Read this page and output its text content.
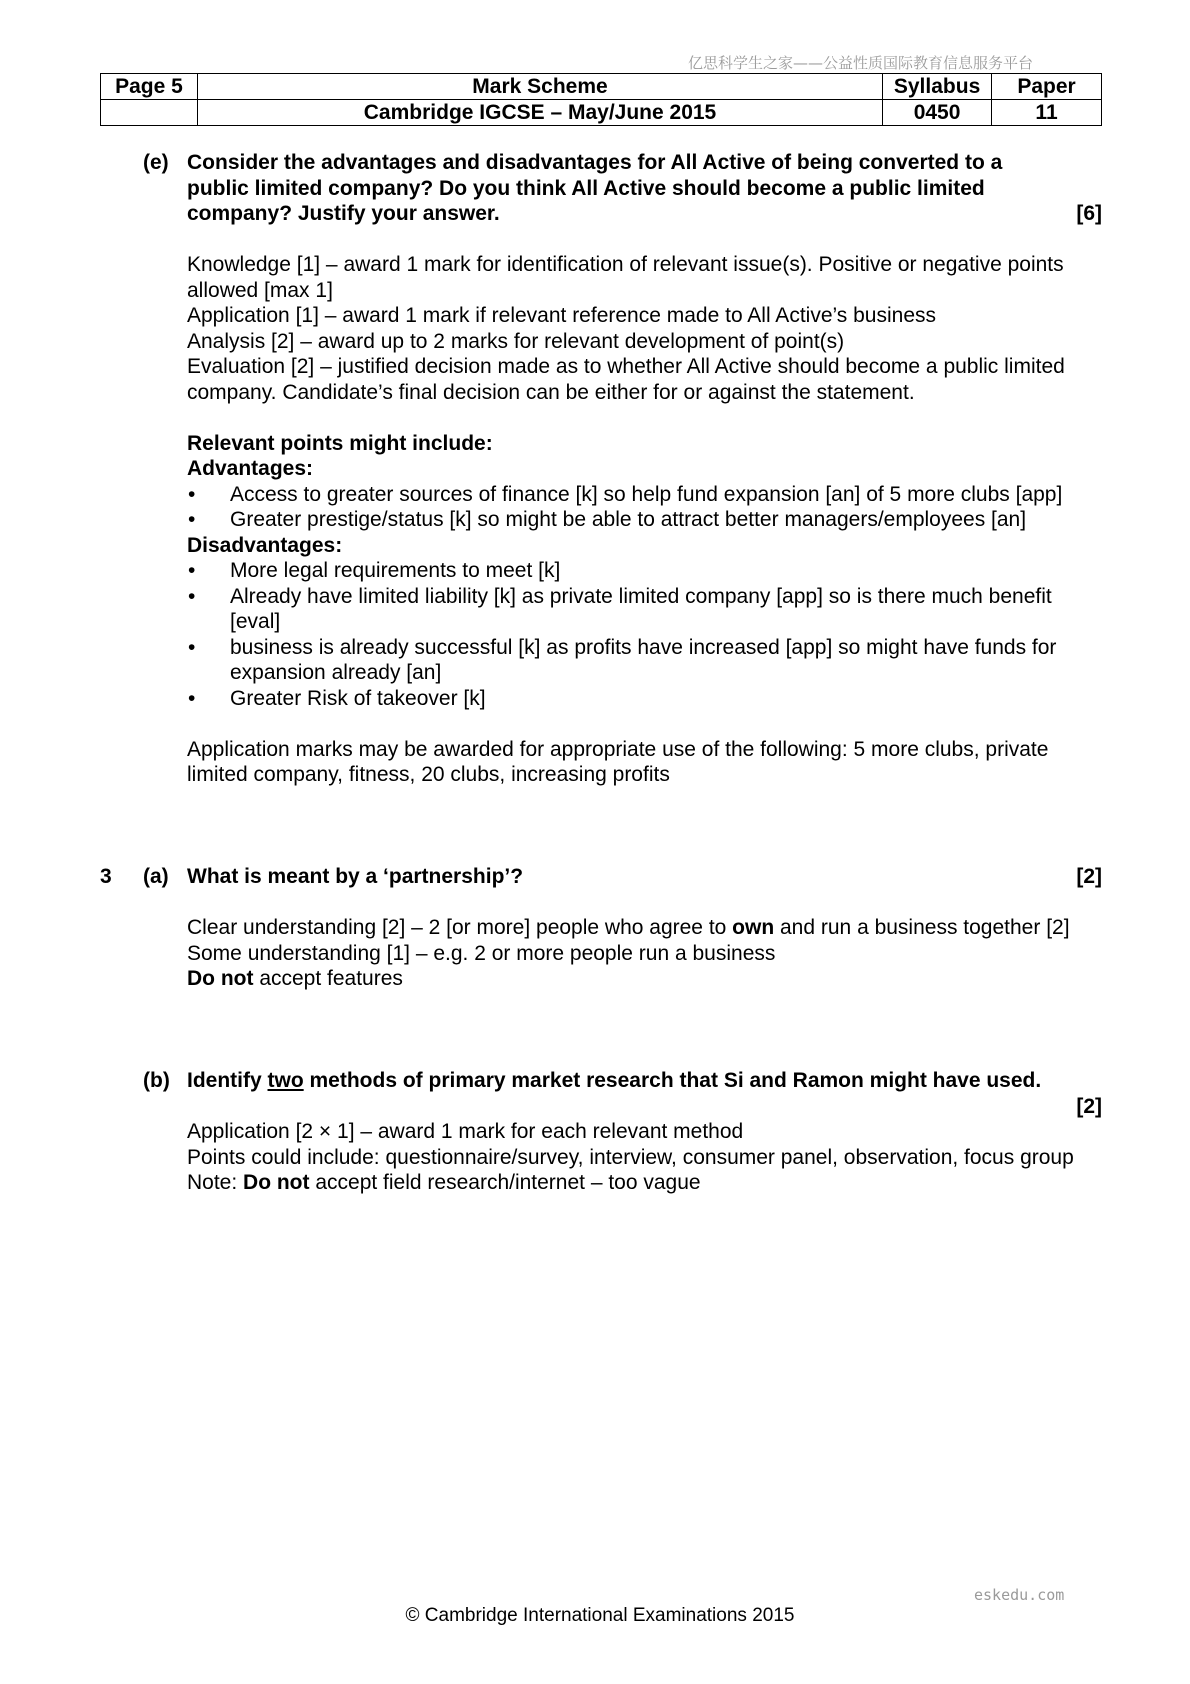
亿思科学生之家——公益性质国际教育信息服务平台
Page 5	Mark Scheme	Syllabus	Paper
	Cambridge IGCSE – May/June 2015	0450	11
(e) Consider the advantages and disadvantages for All Active of being converted to a public limited company? Do you think All Active should become a public limited company? Justify your answer.	[6]

Knowledge [1] – award 1 mark for identification of relevant issue(s). Positive or negative points allowed [max 1]

Application [1] – award 1 mark if relevant reference made to All Active’s business

Analysis [2] – award up to 2 marks for relevant development of point(s)

Evaluation [2] – justified decision made as to whether All Active should become a public limited company. Candidate’s final decision can be either for or against the statement.

Relevant points might include:

Advantages:

• Access to greater sources of finance [k] so help fund expansion [an] of 5 more clubs [app]
• Greater prestige/status [k] so might be able to attract better managers/employees [an]

Disadvantages:

• More legal requirements to meet [k]
• Already have limited liability [k] as private limited company [app] so is there much benefit [eval]
• business is already successful [k] as profits have increased [app] so might have funds for expansion already [an]
• Greater Risk of takeover [k]

Application marks may be awarded for appropriate use of the following: 5 more clubs, private limited company, fitness, 20 clubs, increasing profits

3 (a) What is meant by a ‘partnership’?	[2]

Clear understanding [2] – 2 [or more] people who agree to own and run a business together [2]

Some understanding [1] – e.g. 2 or more people run a business

Do not accept features

(b) Identify two methods of primary market research that Si and Ramon might have used.
[2]

Application [2 × 1] – award 1 mark for each relevant method

Points could include: questionnaire/survey, interview, consumer panel, observation, focus group

Note: Do not accept field research/internet – too vague

eskedu.com
© Cambridge International Examinations 2015
